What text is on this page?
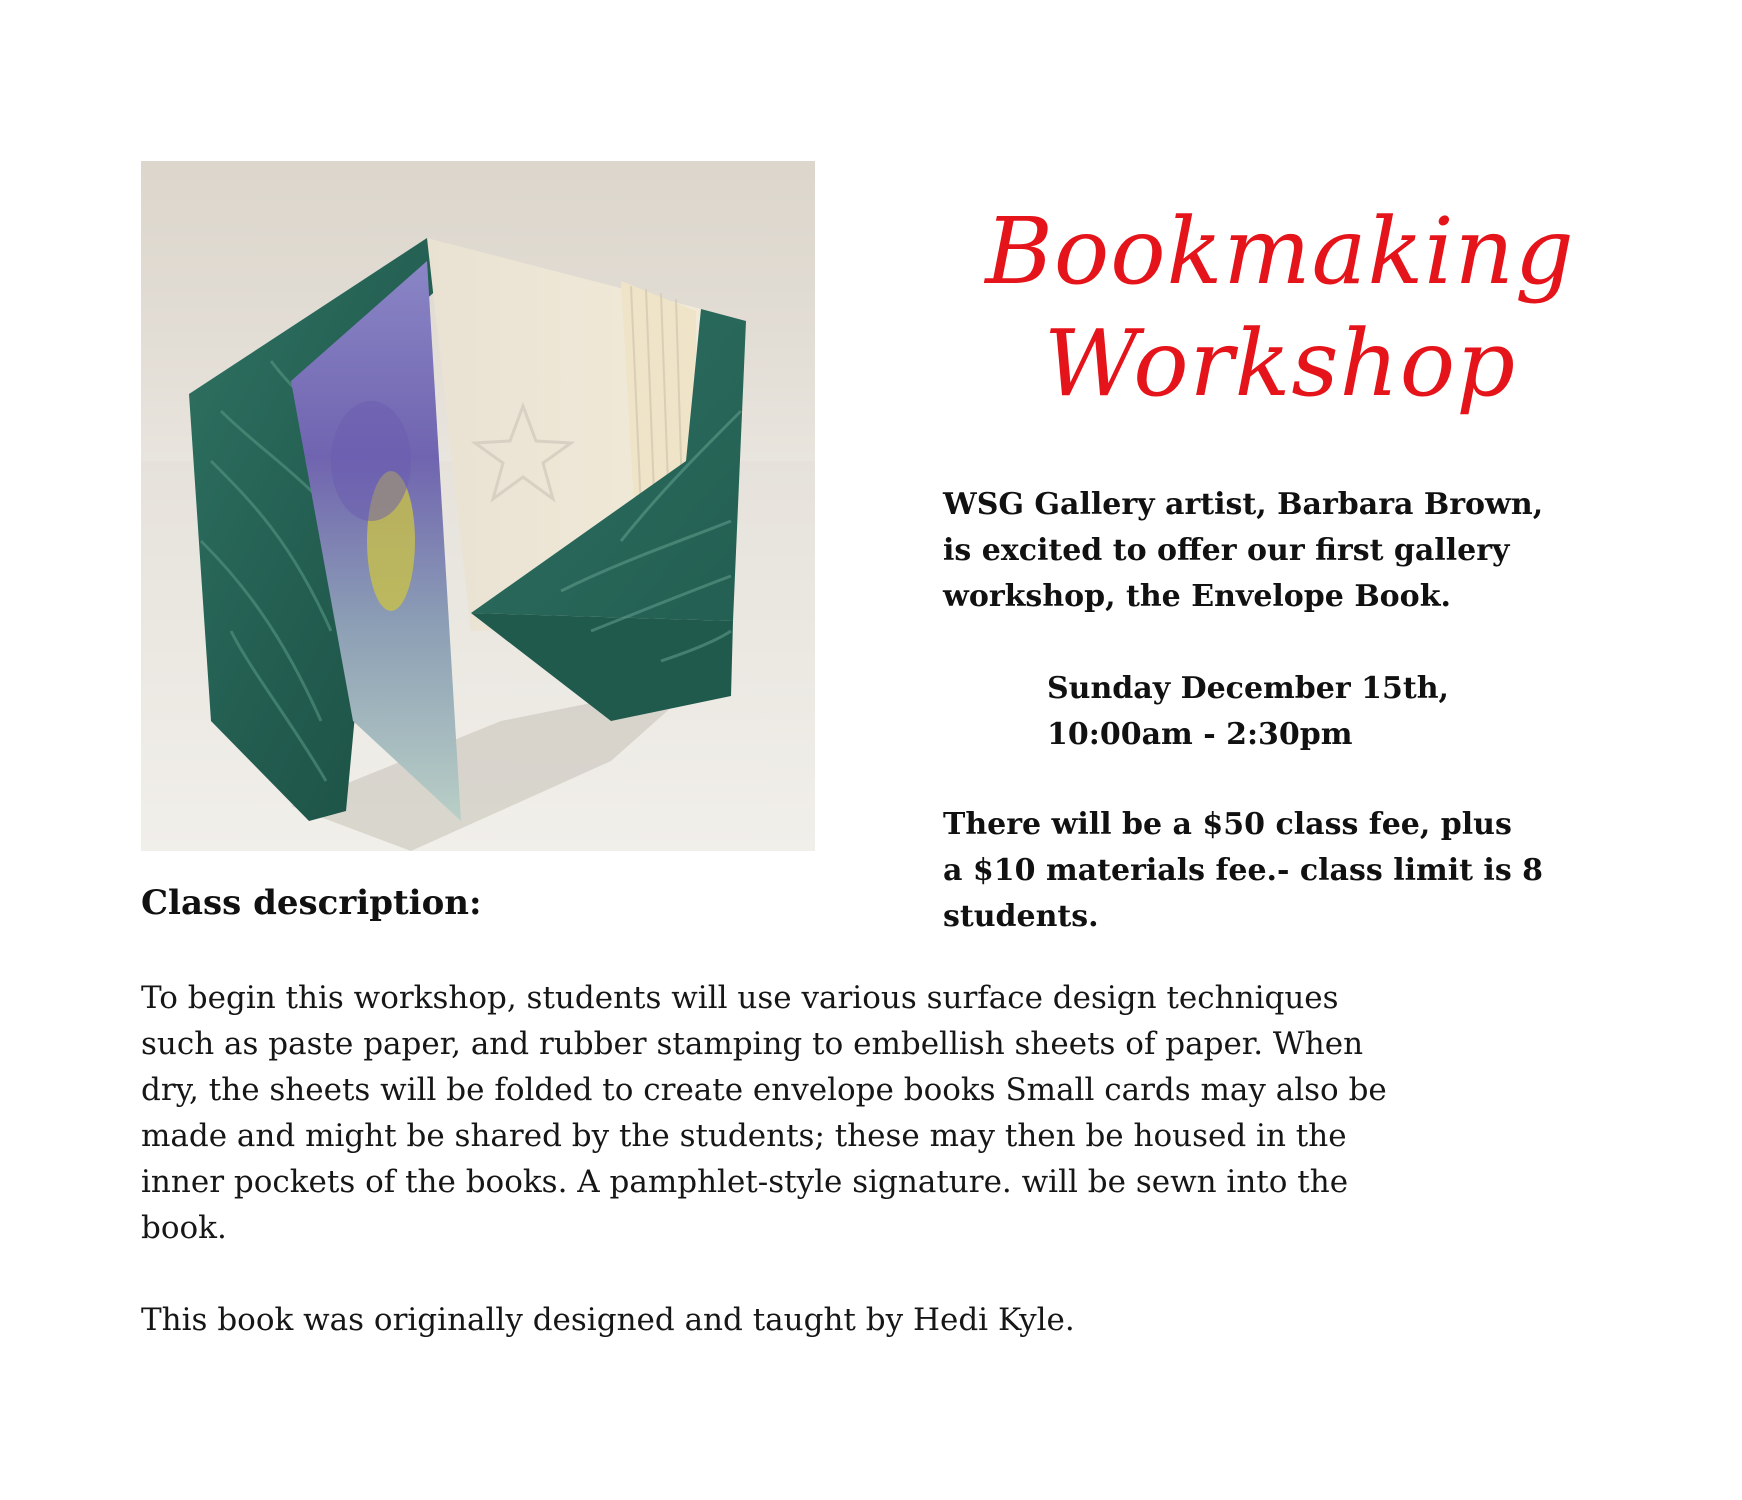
Bookmaking
Workshop
WSG Gallery artist, Barbara Brown,
is excited to offer our first gallery
workshop, the Envelope Book.
Sunday December 15th,
10:00am - 2:30pm
There will be a $50 class fee, plus
a $10 materials fee.- class limit is 8
students.
Class description:
To begin this workshop, students will use various surface design techniques
such as paste paper, and rubber stamping to embellish sheets of paper. When
dry, the sheets will be folded to create envelope books Small cards may also be
made and might be shared by the students; these may then be housed in the
inner pockets of the books. A pamphlet-style signature. will be sewn into the
book.
This book was originally designed and taught by Hedi Kyle.
